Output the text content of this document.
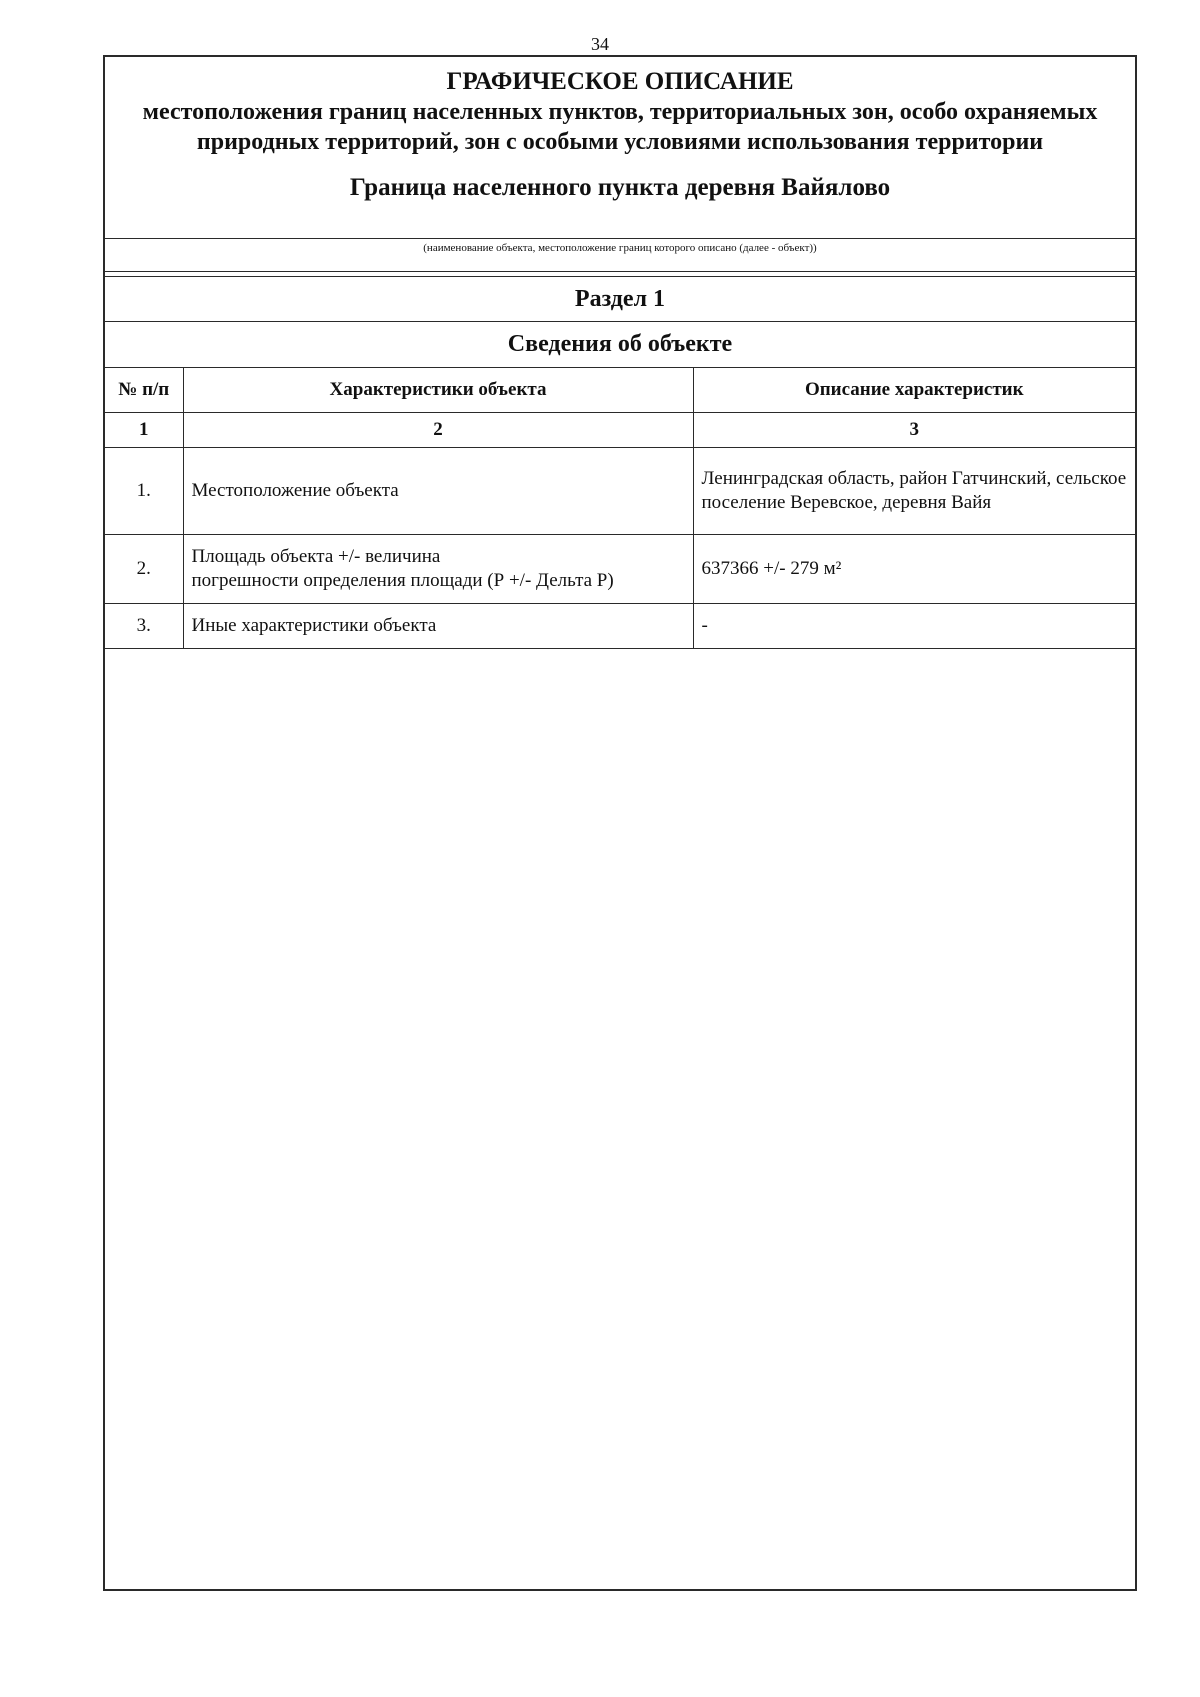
34

ГРАФИЧЕСКОЕ ОПИСАНИЕ

местоположения границ населенных пунктов, территориальных зон, особо охраняемых природных территорий, зон с особыми условиями использования территории

Граница населенного пункта деревня Вайялово
(наименование объекта, местоположение границ которого описано (далее - объект))
Раздел 1
Сведения об объекте
№ п/п	Характеристики объекта	Описание характеристик
1	2	3
1.	Местоположение объекта	Ленинградская область, район Гатчинский, сельское поселение Веревское, деревня Вайя
2.	Площадь объекта +/- величина
погрешности определения площади (Р +/- Дельта Р)	637366 +/- 279 м²
3.	Иные характеристики объекта	-
